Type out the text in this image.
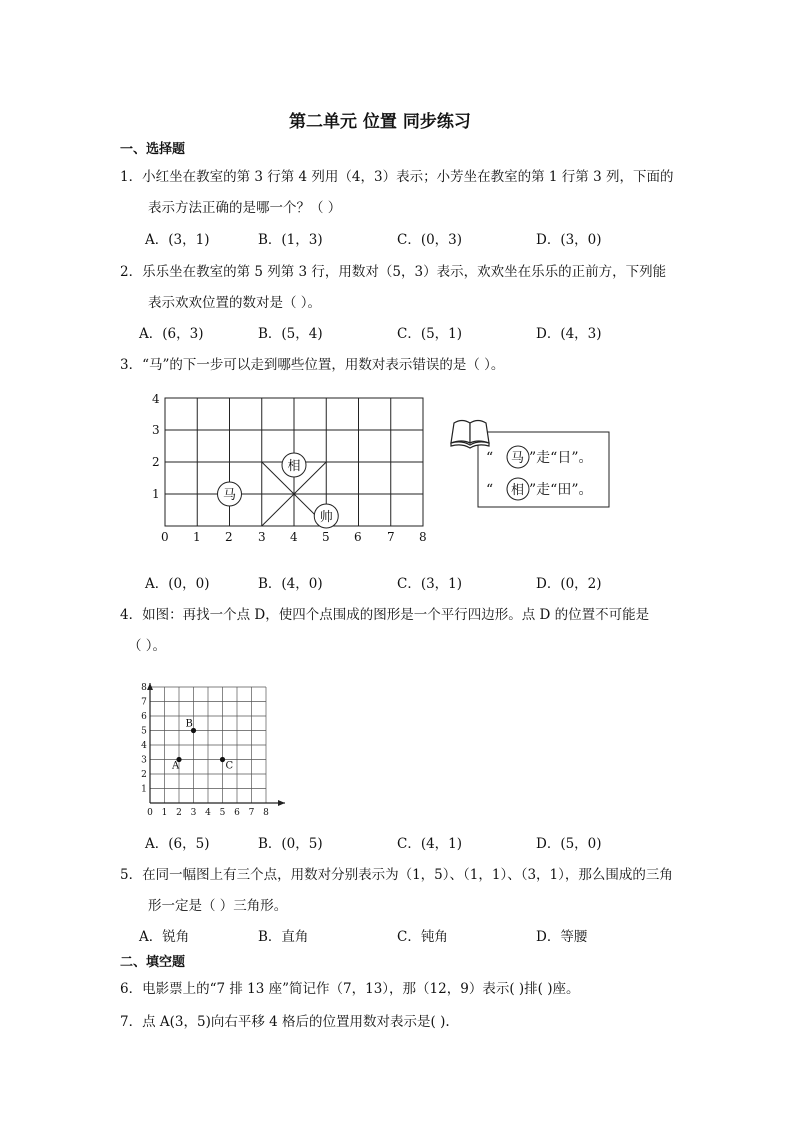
第二单元 位置 同步练习
一、选择题
1．小红坐在教室的第 3 行第 4 列用（4，3）表示；小芳坐在教室的第 1 行第 3 列，下面的
表示方法正确的是哪一个？（ ）
A．(3，1)	B．(1，3)	C．(0，3)	D．(3，0)
2．乐乐坐在教室的第 5 列第 3 行，用数对（5，3）表示，欢欢坐在乐乐的正前方，下列能
表示欢欢位置的数对是（ ）。
A．(6，3)	B．(5，4)	C．(5，1)	D．(4，3)
3．“马”的下一步可以走到哪些位置，用数对表示错误的是（ ）。
0 1 2 3 4 5 6 7 8
1
2
3
4
马
相
帅
“ 马 ”走“日”。
“ 相 ”走“田”。
A．(0，0)	B．(4，0)	C．(3，1)	D．(0，2)
4．如图：再找一个点 D，使四个点围成的图形是一个平行四边形。点 D 的位置不可能是
（ ）。
0 1 2 3 4 5 6 7 8
1
2
3
4
5
6
7
8
A
B
C
A．(6，5)	B．(0，5)	C．(4，1)	D．(5，0)
5．在同一幅图上有三个点，用数对分别表示为（1，5）、（1，1）、（3，1），那么围成的三角
形一定是（ ）三角形。
A．锐角	B．直角	C．钝角	D．等腰
二、填空题
6．电影票上的“7 排 13 座”简记作（7，13），那（12，9）表示( )排( )座。
7．点 A(3，5)向右平移 4 格后的位置用数对表示是( ).
